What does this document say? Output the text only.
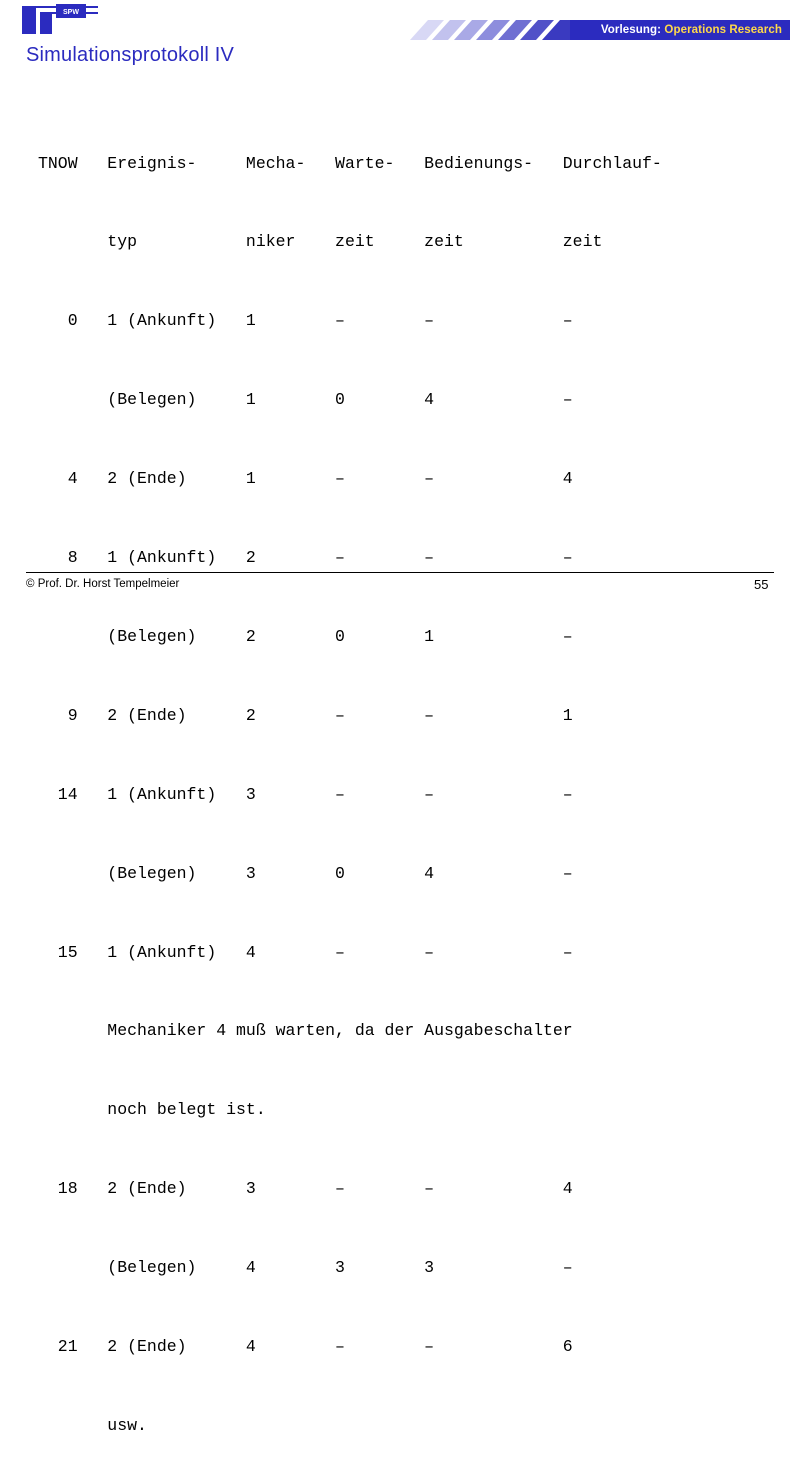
SPW
Vorlesung: Operations Research
Simulationsprotokoll IV

TNOW   Ereignis-     Mecha-   Warte-   Bedienungs-   Durchlauf-

typ           niker    zeit     zeit          zeit

0   1 (Ankunft)   1        –        –             –

(Belegen)     1        0        4             –

4   2 (Ende)      1        –        –             4

8   1 (Ankunft)   2        –        –             –

(Belegen)     2        0        1             –

9   2 (Ende)      2        –        –             1

14   1 (Ankunft)   3        –        –             –

(Belegen)     3        0        4             –

15   1 (Ankunft)   4        –        –             –

Mechaniker 4 muß warten, da der Ausgabeschalter

noch belegt ist.

18   2 (Ende)      3        –        –             4

(Belegen)     4        3        3             –

21   2 (Ende)      4        –        –             6

usw.

© Prof. Dr. Horst Tempelmeier	55
